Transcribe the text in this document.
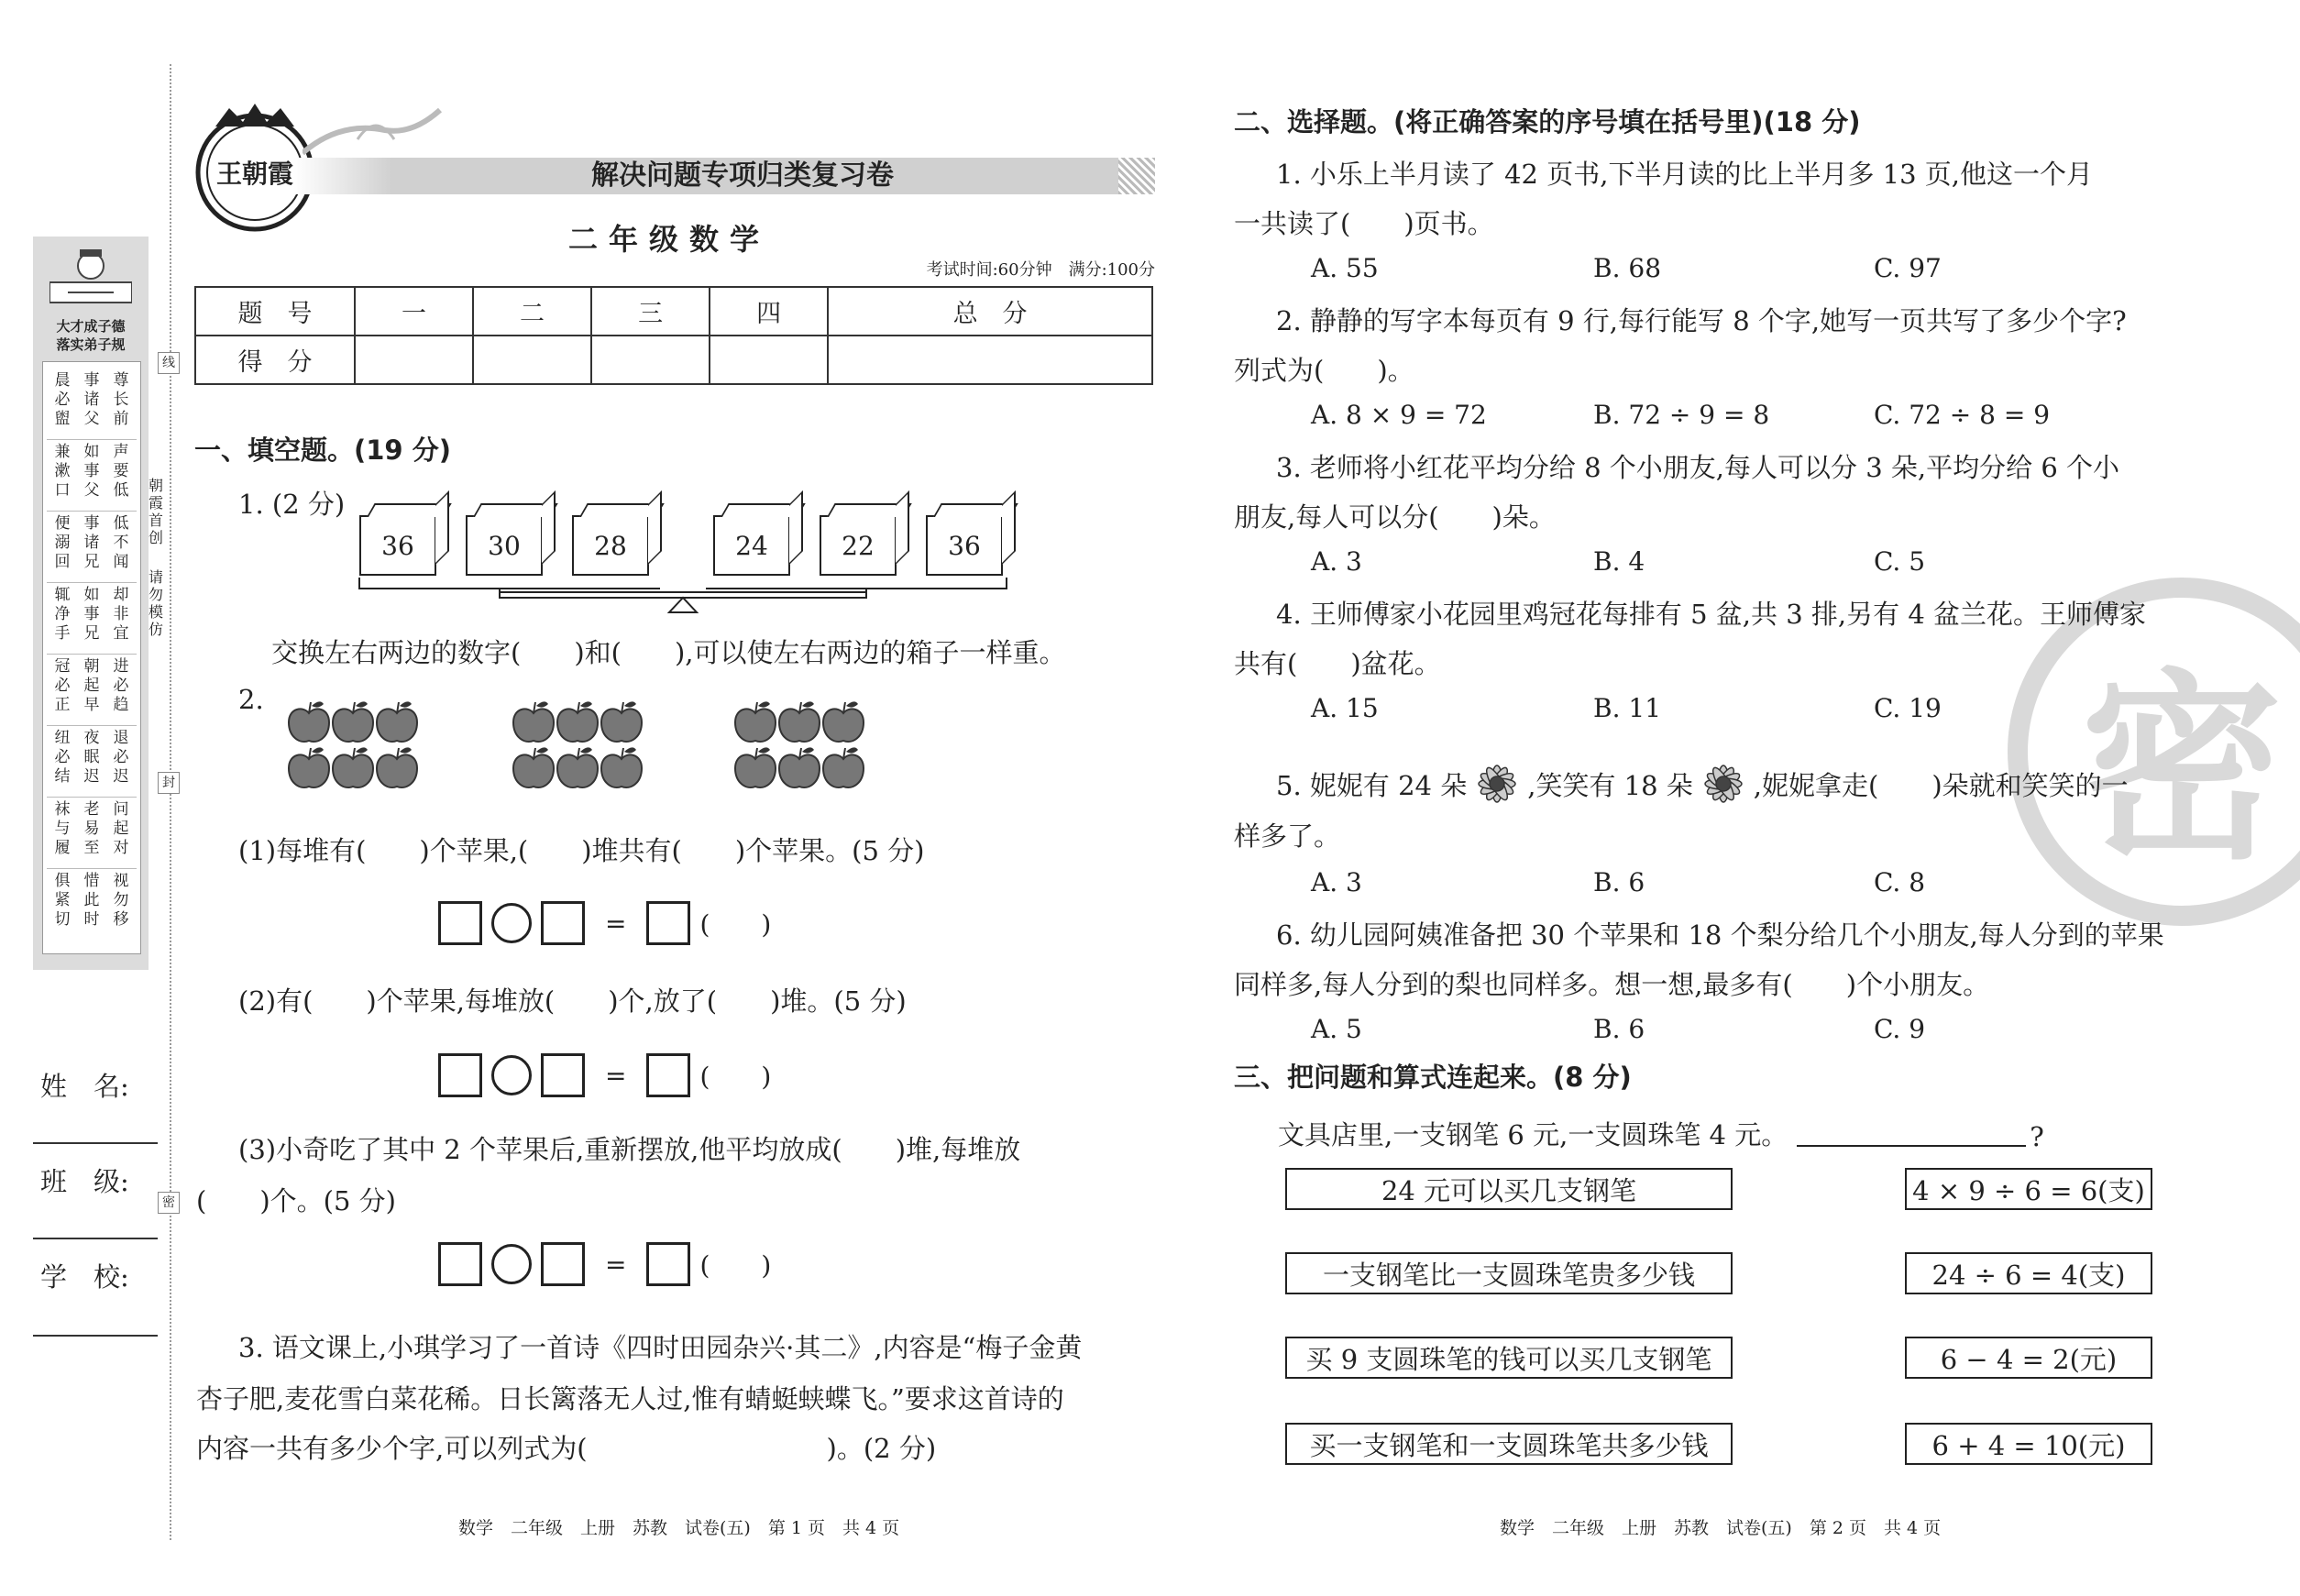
大才成子德
落实弟子规
晨必盥
事诸父
尊长前
兼漱口
如事父
声要低
便溺回
事诸兄
低不闻
辄净手
如事兄
却非宜
冠必正
朝起早
进必趋
纽必结
夜眠迟
退必迟
袜与履
老易至
问起对
俱紧切
惜此时
视勿移
姓　名:
班　级:
学　校:
朝霞首创
请勿模仿
线
封
密
王朝霞	解决问题专项归类复习卷
二年级数学
考试时间:60分钟　满分:100分
题　号	一	二	三	四	总　分
得　分					
一、填空题。(19 分)
1. (2 分)
36	30	28	24	22	36
交换左右两边的数字(　　)和(　　),可以使左右两边的箱子一样重。
2.
(1)每堆有(　　)个苹果,(　　)堆共有(　　)个苹果。(5 分)
=	(　　)
(2)有(　　)个苹果,每堆放(　　)个,放了(　　)堆。(5 分)
=	(　　)
(3)小奇吃了其中 2 个苹果后,重新摆放,他平均放成(　　)堆,每堆放
(　　)个。(5 分)
=	(　　)
3. 语文课上,小琪学习了一首诗《四时田园杂兴·其二》,内容是“梅子金黄
杏子肥,麦花雪白菜花稀。日长篱落无人过,惟有蜻蜓蛱蝶飞。”要求这首诗的
内容一共有多少个字,可以列式为(　　　　　　　　　)。(2 分)
数学　二年级　上册　苏教　试卷(五)　第 1 页　共 4 页
密
二、选择题。(将正确答案的序号填在括号里)(18 分)
1. 小乐上半月读了 42 页书,下半月读的比上半月多 13 页,他这一个月
一共读了(　　)页书。
A. 55	B. 68	C. 97
2. 静静的写字本每页有 9 行,每行能写 8 个字,她写一页共写了多少个字?
列式为(　　)。
A. 8 × 9 = 72	B. 72 ÷ 9 = 8	C. 72 ÷ 8 = 9
3. 老师将小红花平均分给 8 个小朋友,每人可以分 3 朵,平均分给 6 个小
朋友,每人可以分(　　)朵。
A. 3	B. 4	C. 5
4. 王师傅家小花园里鸡冠花每排有 5 盆,共 3 排,另有 4 盆兰花。王师傅家
共有(　　)盆花。
A. 15	B. 11	C. 19
5. 妮妮有 24 朵 ,笑笑有 18 朵 ,妮妮拿走(　　)朵就和笑笑的一
样多了。
A. 3	B. 6	C. 8
6. 幼儿园阿姨准备把 30 个苹果和 18 个梨分给几个小朋友,每人分到的苹果
同样多,每人分到的梨也同样多。想一想,最多有(　　)个小朋友。
A. 5	B. 6	C. 9
三、把问题和算式连起来。(8 分)
文具店里,一支钢笔 6 元,一支圆珠笔 4 元。	?
24 元可以买几支钢笔
一支钢笔比一支圆珠笔贵多少钱
买 9 支圆珠笔的钱可以买几支钢笔
买一支钢笔和一支圆珠笔共多少钱
4 × 9 ÷ 6 = 6(支)
24 ÷ 6 = 4(支)
6 − 4 = 2(元)
6 + 4 = 10(元)
数学　二年级　上册　苏教　试卷(五)　第 2 页　共 4 页
